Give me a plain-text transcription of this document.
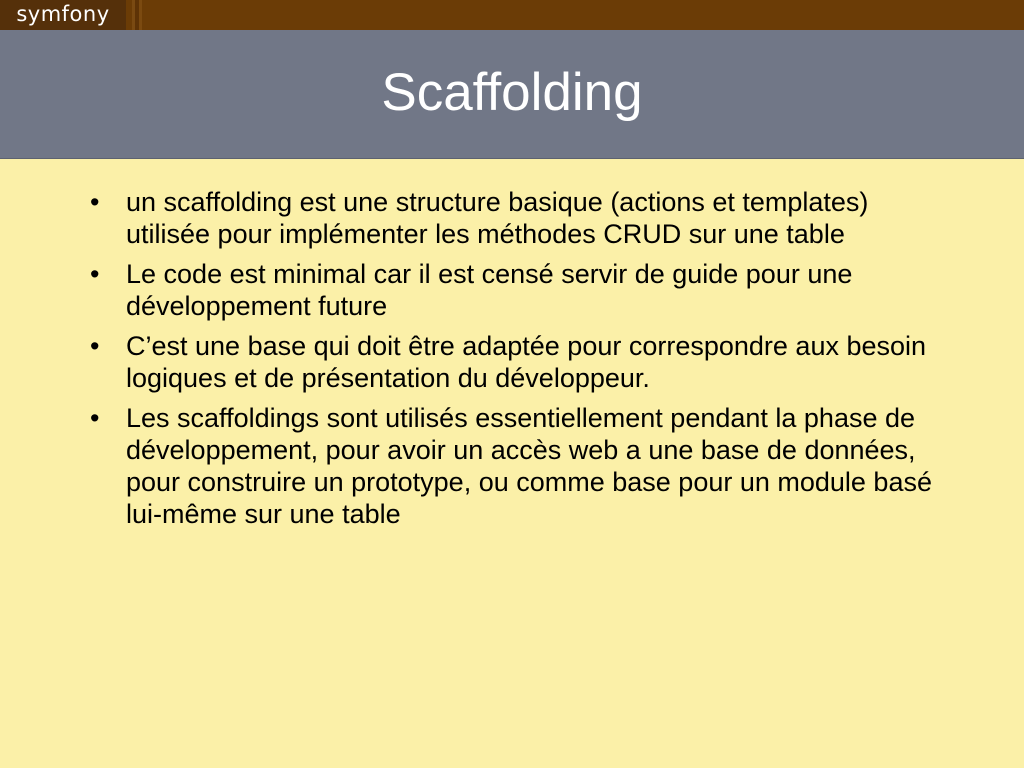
symfony
Scaffolding
• un scaffolding est une structure basique (actions et templates) utilisée pour implémenter les méthodes CRUD sur une table
• Le code est minimal car il est censé servir de guide pour une développement future
• C’est une base qui doit être adaptée pour correspondre aux besoin logiques et de présentation du développeur.
• Les scaffoldings sont utilisés essentiellement pendant la phase de développement, pour avoir un accès web a une base de données, pour construire un prototype, ou comme base pour un module basé lui-même sur une table
